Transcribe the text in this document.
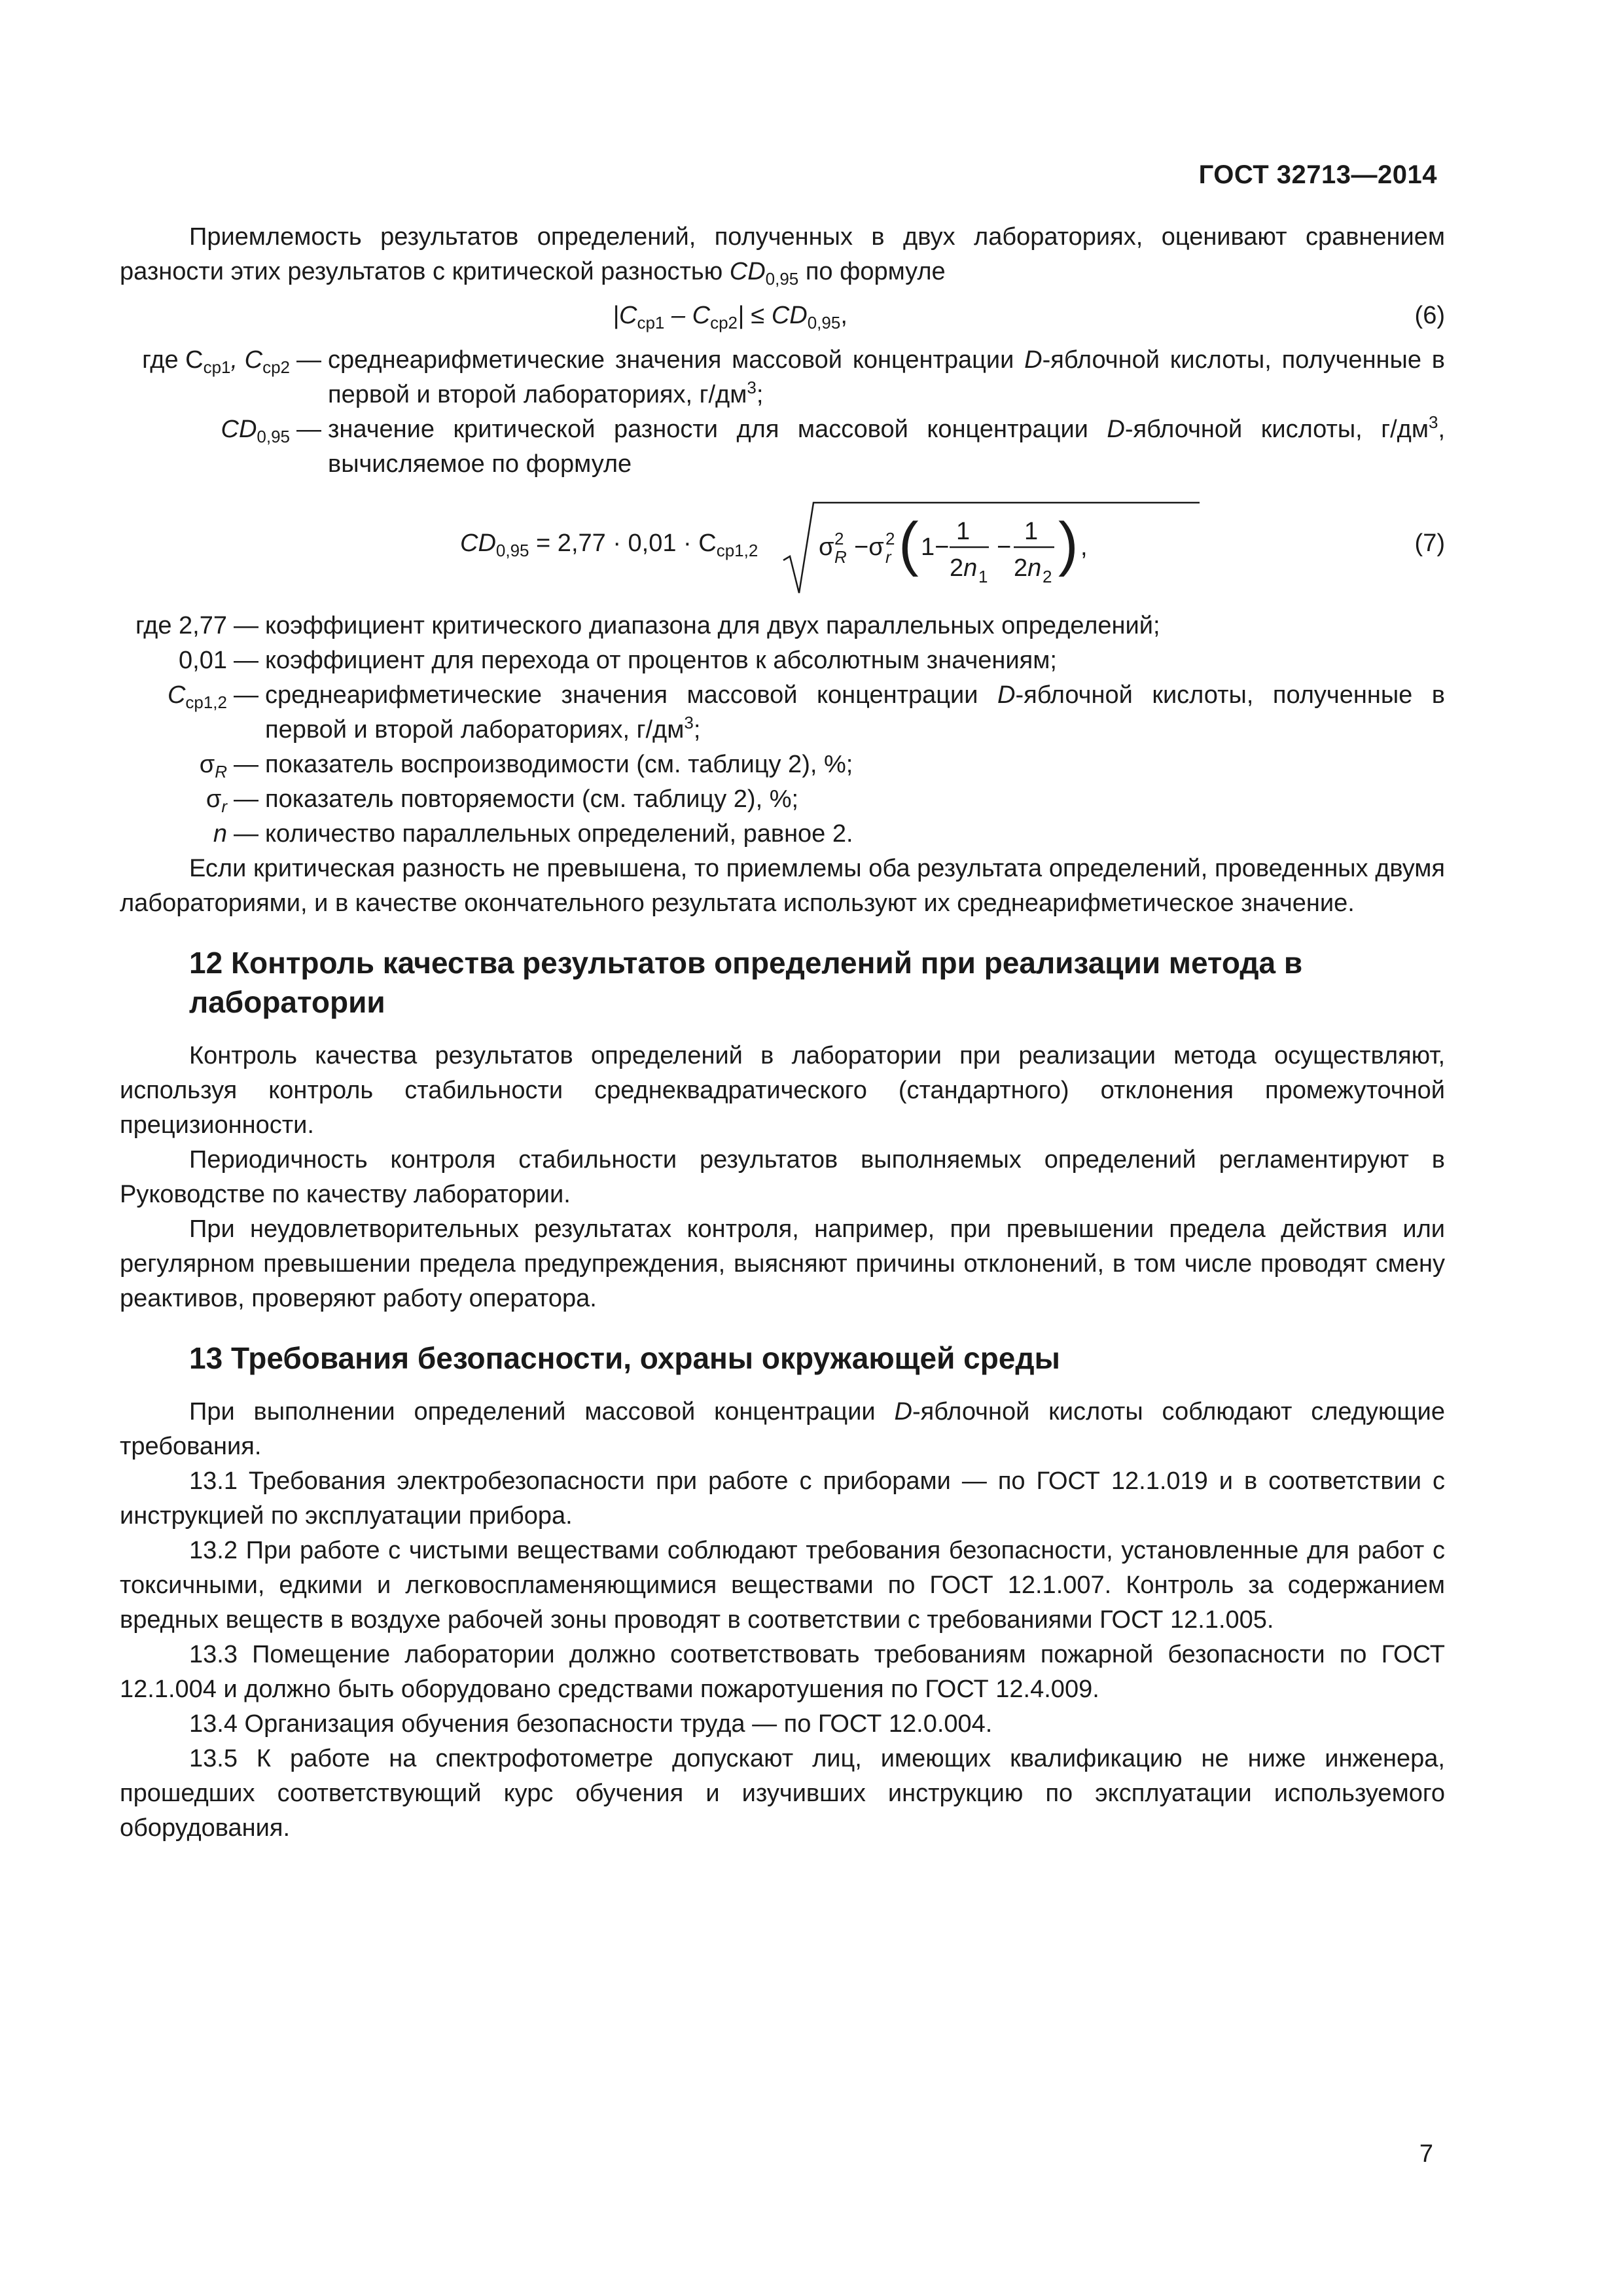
ГОСТ 32713—2014

Приемлемость результатов определений, полученных в двух лабораториях, оценивают сравнением разности этих результатов с критической разностью $CD_{0,95}$ по формуле

$|C_{ср1} - C_{ср2}| \le CD_{0,95}$,	(6)
где $C_{ср1}$, $C_{ср2}$ — среднеарифметические значения массовой концентрации D-яблочной кислоты, полученные в первой и второй лабораториях, $г/дм^3$;
$CD_{0,95}$ — значение критической разности для массовой концентрации D-яблочной кислоты, $г/дм^3$, вычисляемое по формуле
$CD_{0,95} = 2,77 \cdot 0,01 \cdot C_{ср1,2}$ σ 2
R −σ 2
r ( 1−
1
2n 1
−
1
2n 2 ) ,	(7)
где 2,77 — коэффициент критического диапазона для двух параллельных определений;
0,01 — коэффициент для перехода от процентов к абсолютным значениям;
$C_{ср1,2}$ — среднеарифметические значения массовой концентрации D-яблочной кислоты, полученные в первой и второй лабораториях, $г/дм^3$;
$\sigma_R$ — показатель воспроизводимости (см. таблицу 2), %;
$\sigma_r$ — показатель повторяемости (см. таблицу 2), %;
n — количество параллельных определений, равное 2.

Если критическая разность не превышена, то приемлемы оба результата определений, проведенных двумя лабораториями, и в качестве окончательного результата используют их среднеарифметическое значение.

12 Контроль качества результатов определений при реализации метода в лаборатории

Контроль качества результатов определений в лаборатории при реализации метода осуществляют, используя контроль стабильности среднеквадратического (стандартного) отклонения промежуточной прецизионности.

Периодичность контроля стабильности результатов выполняемых определений регламентируют в Руководстве по качеству лаборатории.

При неудовлетворительных результатах контроля, например, при превышении предела действия или регулярном превышении предела предупреждения, выясняют причины отклонений, в том числе проводят смену реактивов, проверяют работу оператора.

13 Требования безопасности, охраны окружающей среды

При выполнении определений массовой концентрации D-яблочной кислоты соблюдают следующие требования.

13.1 Требования электробезопасности при работе с приборами — по ГОСТ 12.1.019 и в соответствии с инструкцией по эксплуатации прибора.

13.2 При работе с чистыми веществами соблюдают требования безопасности, установленные для работ с токсичными, едкими и легковоспламеняющимися веществами по ГОСТ 12.1.007. Контроль за содержанием вредных веществ в воздухе рабочей зоны проводят в соответствии с требованиями ГОСТ 12.1.005.

13.3 Помещение лаборатории должно соответствовать требованиям пожарной безопасности по ГОСТ 12.1.004 и должно быть оборудовано средствами пожаротушения по ГОСТ 12.4.009.

13.4 Организация обучения безопасности труда — по ГОСТ 12.0.004.

13.5 К работе на спектрофотометре допускают лиц, имеющих квалификацию не ниже инженера, прошедших соответствующий курс обучения и изучивших инструкцию по эксплуатации используемого оборудования.

7
